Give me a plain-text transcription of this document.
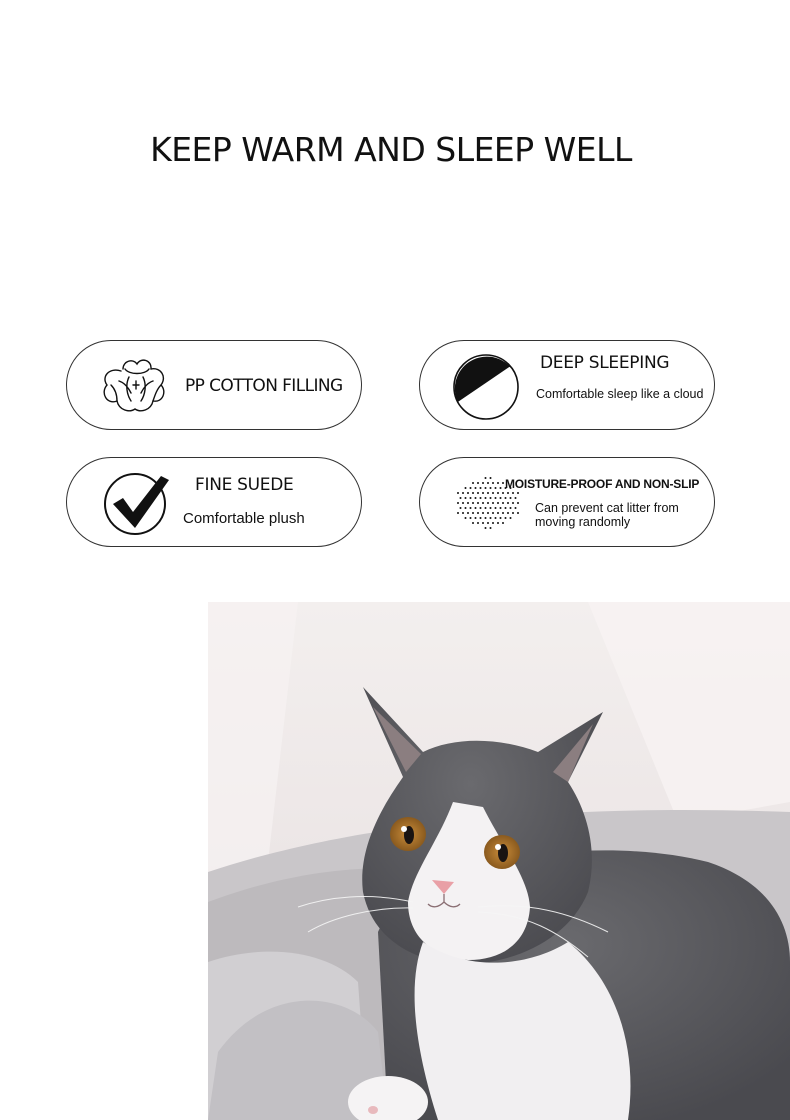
KEEP WARM AND SLEEP WELL

PP COTTON FILLING

DEEP SLEEPING

Comfortable sleep like a cloud

FINE SUEDE

Comfortable plush

MOISTURE-PROOF AND NON-SLIP

Can prevent cat litter from moving randomly
